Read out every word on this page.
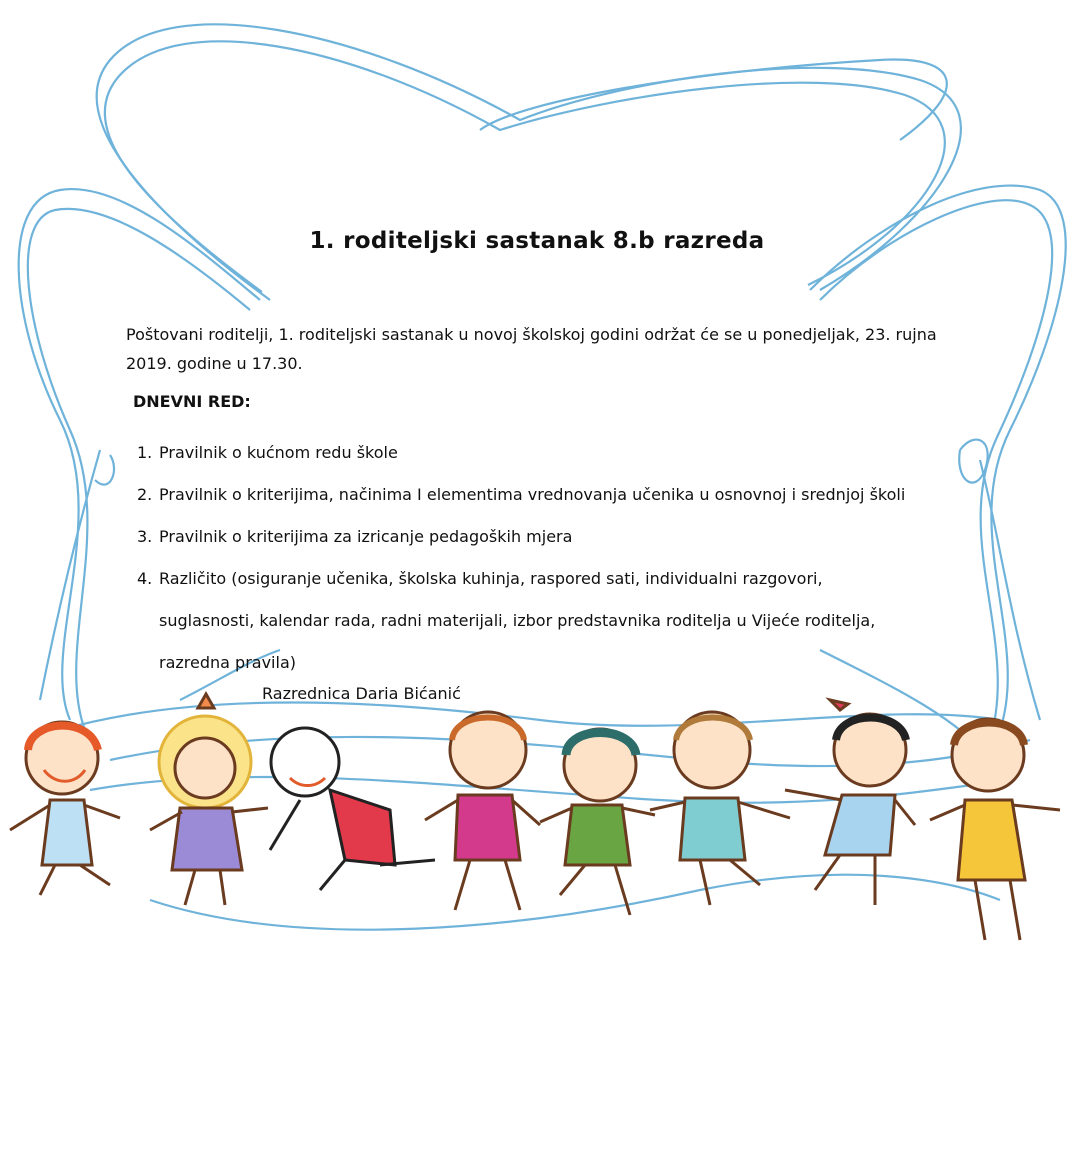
1. roditeljski sastanak 8.b razreda
Poštovani roditelji, 1. roditeljski sastanak u novoj školskoj godini održat će se u ponedjeljak, 23. rujna 2019. godine u 17.30.
DNEVNI RED:
1. Pravilnik o kućnom redu škole
2. Pravilnik o kriterijima, načinima I elementima vrednovanja učenika u osnovnoj i srednjoj školi
3. Pravilnik o kriterijima za izricanje pedagoških mjera
4. Različito (osiguranje učenika, školska kuhinja, raspored sati, individualni razgovori,
suglasnosti, kalendar rada, radni materijali, izbor predstavnika roditelja u Vijeće roditelja,
razredna pravila)
Razrednica Daria Bićanić
